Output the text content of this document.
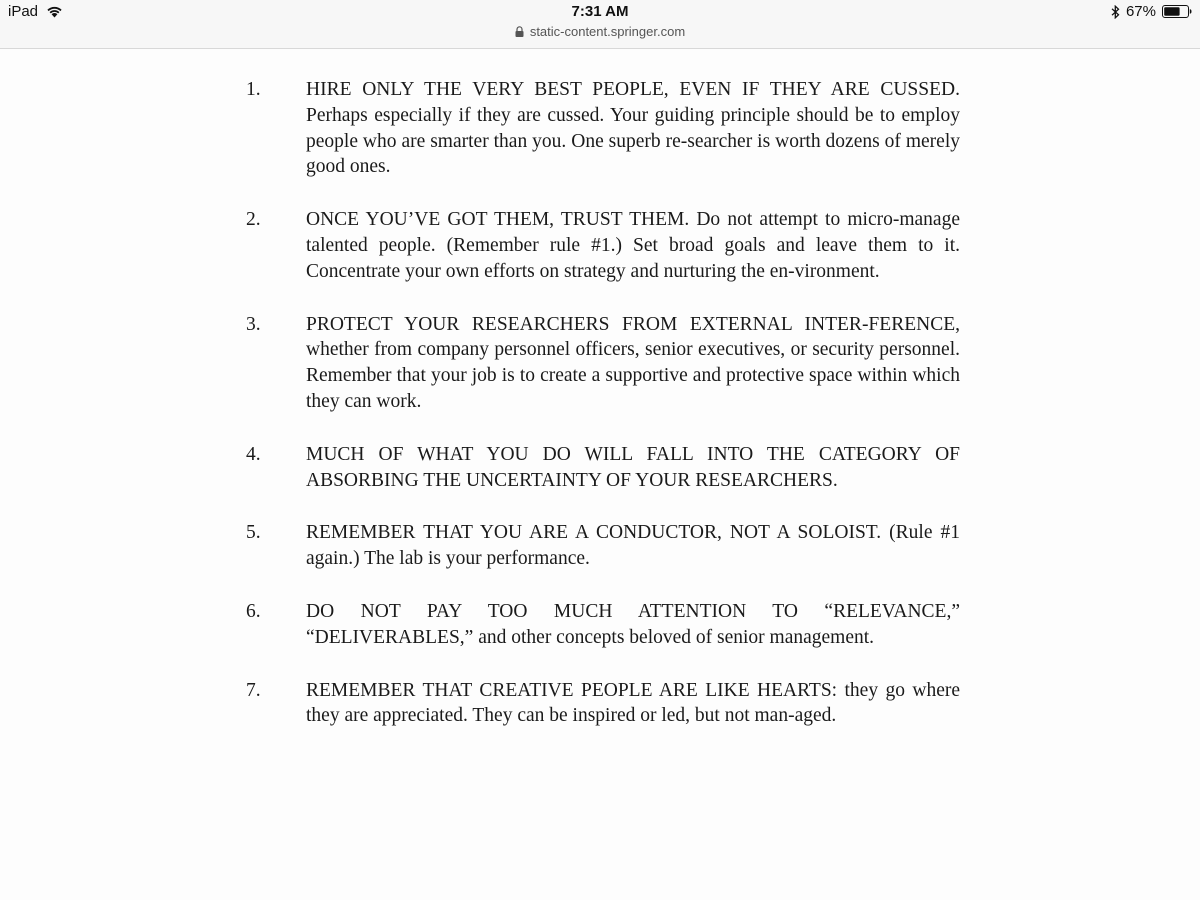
iPad	7:31 AM
static-content.springer.com
67%
1.	HIRE ONLY THE VERY BEST PEOPLE, EVEN IF THEY ARE CUSSED. Perhaps especially if they are cussed. Your guiding principle should be to employ people who are smarter than you. One superb re-searcher is worth dozens of merely good ones.
2.	ONCE YOU’VE GOT THEM, TRUST THEM. Do not attempt to micro-manage talented people. (Remember rule #1.) Set broad goals and leave them to it. Concentrate your own efforts on strategy and nurturing the en-vironment.
3.	PROTECT YOUR RESEARCHERS FROM EXTERNAL INTER-FERENCE, whether from company personnel officers, senior executives, or security personnel. Remember that your job is to create a supportive and protective space within which they can work.
4.	MUCH OF WHAT YOU DO WILL FALL INTO THE CATEGORY OF ABSORBING THE UNCERTAINTY OF YOUR RESEARCHERS.
5.	REMEMBER THAT YOU ARE A CONDUCTOR, NOT A SOLOIST. (Rule #1 again.) The lab is your performance.
6.	DO NOT PAY TOO MUCH ATTENTION TO “RELEVANCE,” “DELIVERABLES,” and other concepts beloved of senior management.
7.	REMEMBER THAT CREATIVE PEOPLE ARE LIKE HEARTS: they go where they are appreciated. They can be inspired or led, but not man-aged.
